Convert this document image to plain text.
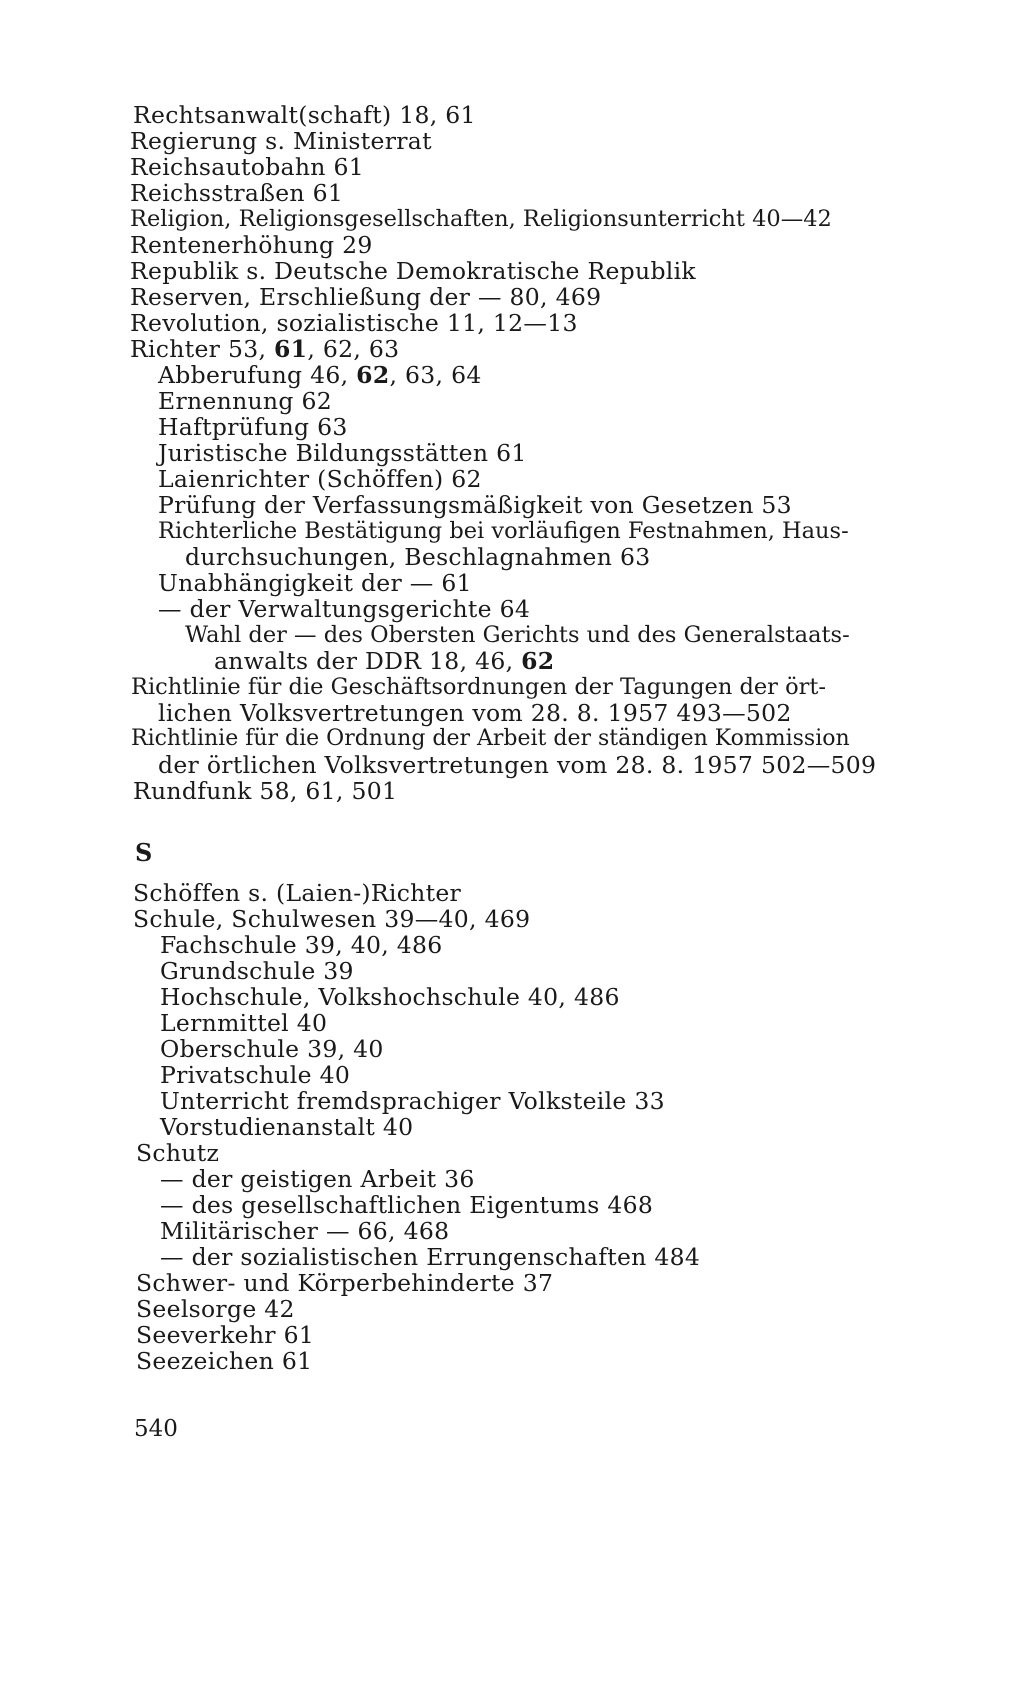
Rechtsanwalt(schaft) 18, 61
Regierung s. Ministerrat
Reichsautobahn 61
Reichsstraßen 61
Religion, Religionsgesellschaften, Religionsunterricht 40—42
Rentenerhöhung 29
Republik s. Deutsche Demokratische Republik
Reserven, Erschließung der — 80, 469
Revolution, sozialistische 11, 12—13
Richter 53, 61, 62, 63
Abberufung 46, 62, 63, 64
Ernennung 62
Haftprüfung 63
Juristische Bildungsstätten 61
Laienrichter (Schöffen) 62
Prüfung der Verfassungsmäßigkeit von Gesetzen 53
Richterliche Bestätigung bei vorläufigen Festnahmen, Haus-
durchsuchungen, Beschlagnahmen 63
Unabhängigkeit der — 61
— der Verwaltungsgerichte 64
Wahl der — des Obersten Gerichts und des Generalstaats-
anwalts der DDR 18, 46, 62
Richtlinie für die Geschäftsordnungen der Tagungen der ört-
lichen Volksvertretungen vom 28. 8. 1957 493—502
Richtlinie für die Ordnung der Arbeit der ständigen Kommission
der örtlichen Volksvertretungen vom 28. 8. 1957 502—509
Rundfunk 58, 61, 501
S
Schöffen s. (Laien-)Richter
Schule, Schulwesen 39—40, 469
Fachschule 39, 40, 486
Grundschule 39
Hochschule, Volkshochschule 40, 486
Lernmittel 40
Oberschule 39, 40
Privatschule 40
Unterricht fremdsprachiger Volksteile 33
Vorstudienanstalt 40
Schutz
— der geistigen Arbeit 36
— des gesellschaftlichen Eigentums 468
Militärischer — 66, 468
— der sozialistischen Errungenschaften 484
Schwer- und Körperbehinderte 37
Seelsorge 42
Seeverkehr 61
Seezeichen 61
540
